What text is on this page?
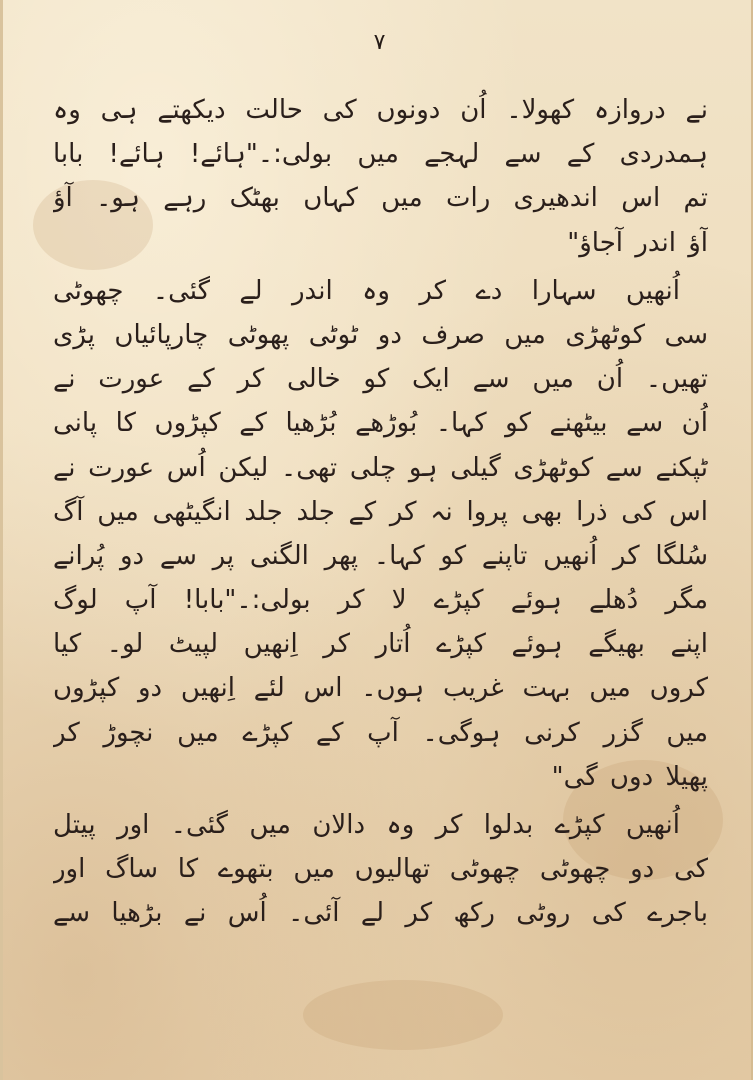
۷
نے دروازہ کھولا۔ اُن دونوں کی حالت دیکھتے ہی وہ
ہمدردی کے سے لہجے میں بولی:۔"ہائے! ہائے! بابا
تم اس اندھیری رات میں کہاں بھٹک رہے ہو۔ آؤ
آؤ اندر آجاؤ"
اُنھیں سہارا دے کر وہ اندر لے گئی۔ چھوٹی
سی کوٹھڑی میں صرف دو ٹوٹی پھوٹی چارپائیاں پڑی
تھیں۔ اُن میں سے ایک کو خالی کر کے عورت نے
اُن سے بیٹھنے کو کہا۔ بُوڑھے بُڑھیا کے کپڑوں کا پانی
ٹپکنے سے کوٹھڑی گیلی ہو چلی تھی۔ لیکن اُس عورت نے
اس کی ذرا بھی پروا نہ کر کے جلد جلد انگیٹھی میں آگ
سُلگا کر اُنھیں تاپنے کو کہا۔ پھر الگنی پر سے دو پُرانے
مگر دُھلے ہوئے کپڑے لا کر بولی:۔"بابا! آپ لوگ
اپنے بھیگے ہوئے کپڑے اُتار کر اِنھیں لپیٹ لو۔ کیا
کروں میں بہت غریب ہوں۔ اس لئے اِنھیں دو کپڑوں
میں گزر کرنی ہوگی۔ آپ کے کپڑے میں نچوڑ کر
پھیلا دوں گی"
اُنھیں کپڑے بدلوا کر وہ دالان میں گئی۔ اور پیتل
کی دو چھوٹی چھوٹی تھالیوں میں بتھوے کا ساگ اور
باجرے کی روٹی رکھ کر لے آئی۔ اُس نے بڑھیا سے
